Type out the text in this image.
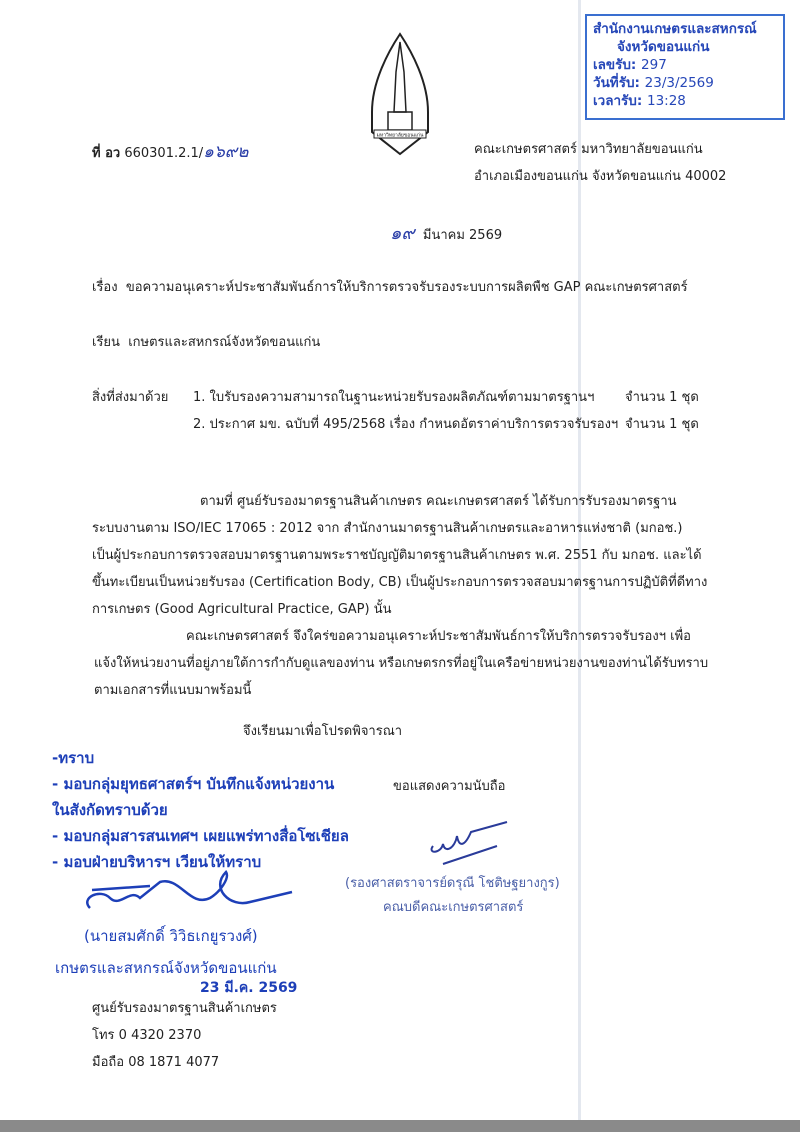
สำนักงานเกษตรและสหกรณ์
จังหวัดขอนแก่น
เลขรับ: 297
วันที่รับ: 23/3/2569
เวลารับ: 13:28
มหาวิทยาลัยขอนแก่น
ที่ อว 660301.2.1/๑๖๙๒	คณะเกษตรศาสตร์ มหาวิทยาลัยขอนแก่น
อำเภอเมืองขอนแก่น จังหวัดขอนแก่น 40002
๑๙ มีนาคม 2569
เรื่อง ขอความอนุเคราะห์ประชาสัมพันธ์การให้บริการตรวจรับรองระบบการผลิตพืช GAP คณะเกษตรศาสตร์
เรียน เกษตรและสหกรณ์จังหวัดขอนแก่น
สิ่งที่ส่งมาด้วย 1. ใบรับรองความสามารถในฐานะหน่วยรับรองผลิตภัณฑ์ตามมาตรฐานฯ จำนวน 1 ชุด
2. ประกาศ มข. ฉบับที่ 495/2568 เรื่อง กำหนดอัตราค่าบริการตรวจรับรองฯ จำนวน 1 ชุด
ตามที่ ศูนย์รับรองมาตรฐานสินค้าเกษตร คณะเกษตรศาสตร์ ได้รับการรับรองมาตรฐาน
ระบบงานตาม ISO/IEC 17065 : 2012 จาก สำนักงานมาตรฐานสินค้าเกษตรและอาหารแห่งชาติ (มกอช.)
เป็นผู้ประกอบการตรวจสอบมาตรฐานตามพระราชบัญญัติมาตรฐานสินค้าเกษตร พ.ศ. 2551 กับ มกอช. และได้
ขึ้นทะเบียนเป็นหน่วยรับรอง (Certification Body, CB) เป็นผู้ประกอบการตรวจสอบมาตรฐานการปฏิบัติที่ดีทาง
การเกษตร (Good Agricultural Practice, GAP) นั้น
คณะเกษตรศาสตร์ จึงใคร่ขอความอนุเคราะห์ประชาสัมพันธ์การให้บริการตรวจรับรองฯ เพื่อ
แจ้งให้หน่วยงานที่อยู่ภายใต้การกำกับดูแลของท่าน หรือเกษตรกรที่อยู่ในเครือข่ายหน่วยงานของท่านได้รับทราบ
ตามเอกสารที่แนบมาพร้อมนี้
จึงเรียนมาเพื่อโปรดพิจารณา
ขอแสดงความนับถือ
(รองศาสตราจารย์ดรุณี โชติษฐยางกูร)
คณบดีคณะเกษตรศาสตร์
-ทราบ
- มอบกลุ่มยุทธศาสตร์ฯ บันทึกแจ้งหน่วยงาน
ในสังกัดทราบด้วย
- มอบกลุ่มสารสนเทศฯ เผยแพร่ทางสื่อโซเชียล
- มอบฝ่ายบริหารฯ เวียนให้ทราบ
(นายสมศักดิ์ วิวิธเกยูรวงศ์)
เกษตรและสหกรณ์จังหวัดขอนแก่น
23 มี.ค. 2569
ศูนย์รับรองมาตรฐานสินค้าเกษตร
โทร 0 4320 2370
มือถือ 08 1871 4077
